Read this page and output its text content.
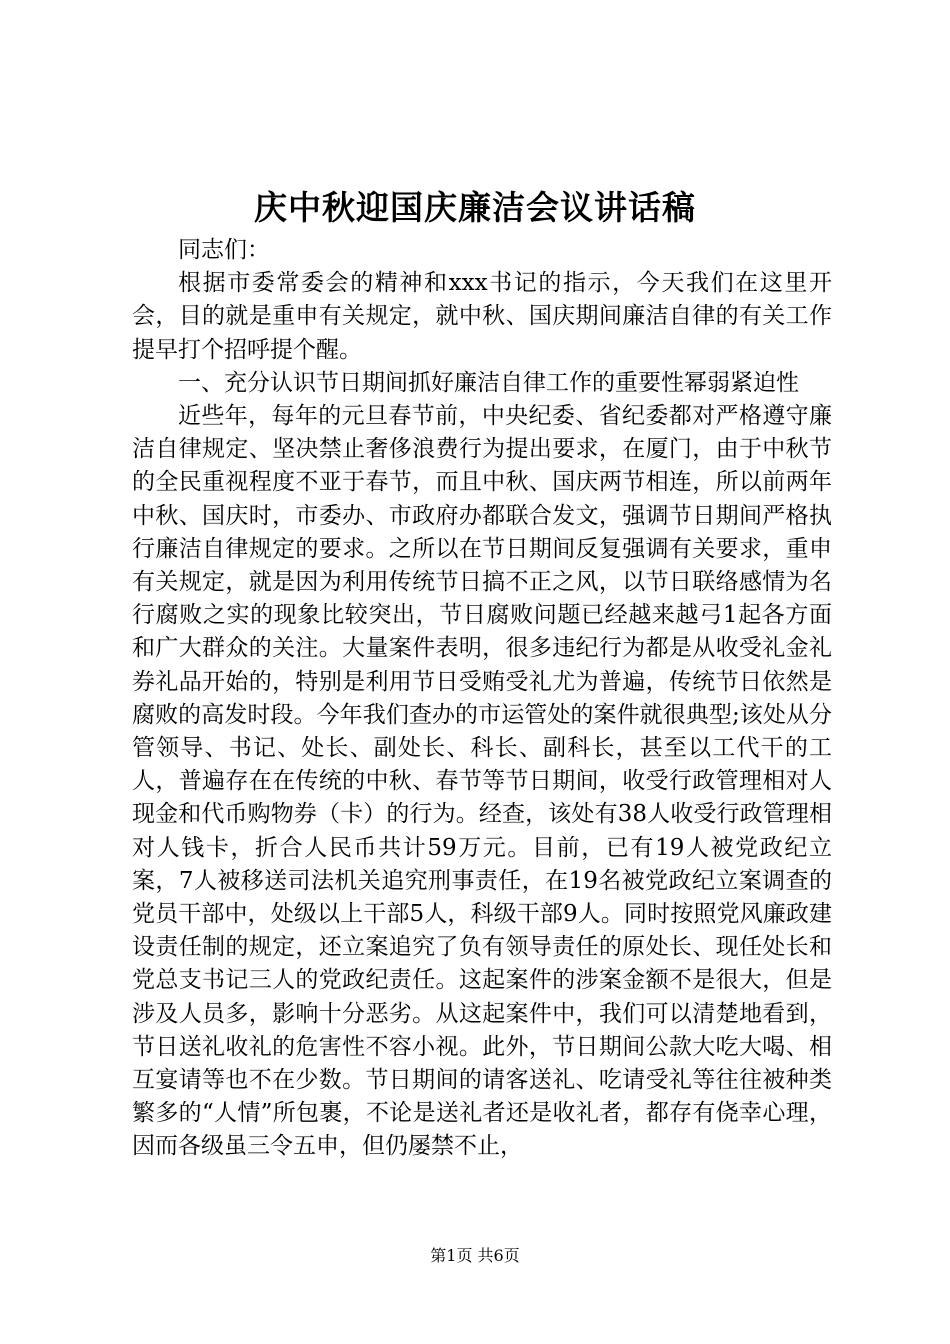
庆中秋迎国庆廉洁会议讲话稿

同志们：

根据市委常委会的精神和xxx书记的指示，今天我们在这里开会，目的就是重申有关规定，就中秋、国庆期间廉洁自律的有关工作提早打个招呼提个醒。

一、充分认识节日期间抓好廉洁自律工作的重要性幂弱紧迫性

近些年，每年的元旦春节前，中央纪委、省纪委都对严格遵守廉洁自律规定、坚决禁止奢侈浪费行为提出要求，在厦门，由于中秋节的全民重视程度不亚于春节，而且中秋、国庆两节相连，所以前两年中秋、国庆时，市委办、市政府办都联合发文，强调节日期间严格执行廉洁自律规定的要求。之所以在节日期间反复强调有关要求，重申有关规定，就是因为利用传统节日搞不正之风，以节日联络感情为名行腐败之实的现象比较突出，节日腐败问题已经越来越弓1起各方面和广大群众的关注。大量案件表明，很多违纪行为都是从收受礼金礼券礼品开始的，特别是利用节日受贿受礼尤为普遍，传统节日依然是腐败的高发时段。今年我们查办的市运管处的案件就很典型;该处从分管领导、书记、处长、副处长、科长、副科长，甚至以工代干的工人，普遍存在在传统的中秋、春节等节日期间，收受行政管理相对人现金和代币购物券（卡）的行为。经查，该处有38人收受行政管理相对人钱卡，折合人民币共计59万元。目前，已有19人被党政纪立案，7人被移送司法机关追究刑事责任，在19名被党政纪立案调查的党员干部中，处级以上干部5人，科级干部9人。同时按照党风廉政建设责任制的规定，还立案追究了负有领导责任的原处长、现任处长和党总支书记三人的党政纪责任。这起案件的涉案金额不是很大，但是涉及人员多，影响十分恶劣。从这起案件中，我们可以清楚地看到，节日送礼收礼的危害性不容小视。此外，节日期间公款大吃大喝、相互宴请等也不在少数。节日期间的请客送礼、吃请受礼等往往被种类繁多的“人情”所包裹，不论是送礼者还是收礼者，都存有侥幸心理，因而各级虽三令五申，但仍屡禁不止，

第1页 共6页
